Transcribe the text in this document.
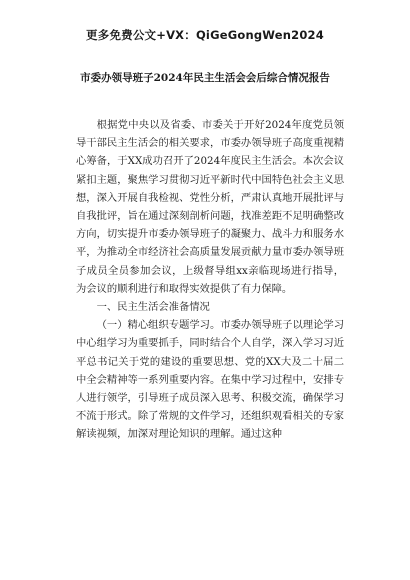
更多免费公文+VX：QiGeGongWen2024
市委办领导班子2024年民主生活会会后综合情况报告

根据党中央以及省委、市委关于开好2024年度党员领导干部民主生活会的相关要求，市委办领导班子高度重视精心筹备，于XX成功召开了2024年度民主生活会。本次会议紧扣主题，聚焦学习贯彻习近平新时代中国特色社会主义思想，深入开展自我检视、党性分析，严肃认真地开展批评与自我批评，旨在通过深刻剖析问题，找准差距不足明确整改方向，切实提升市委办领导班子的凝聚力、战斗力和服务水平，为推动全市经济社会高质量发展贡献力量市委办领导班子成员全员参加会议，上级督导组xx亲临现场进行指导，为会议的顺利进行和取得实效提供了有力保障。

一、民主生活会准备情况

（一）精心组织专题学习。市委办领导班子以理论学习中心组学习为重要抓手，同时结合个人自学，深入学习习近平总书记关于党的建设的重要思想、党的XX大及二十届二中全会精神等一系列重要内容。在集中学习过程中，安排专人进行领学，引导班子成员深入思考、积极交流，确保学习不流于形式。除了常规的文件学习，还组织观看相关的专家解读视频，加深对理论知识的理解。通过这种
